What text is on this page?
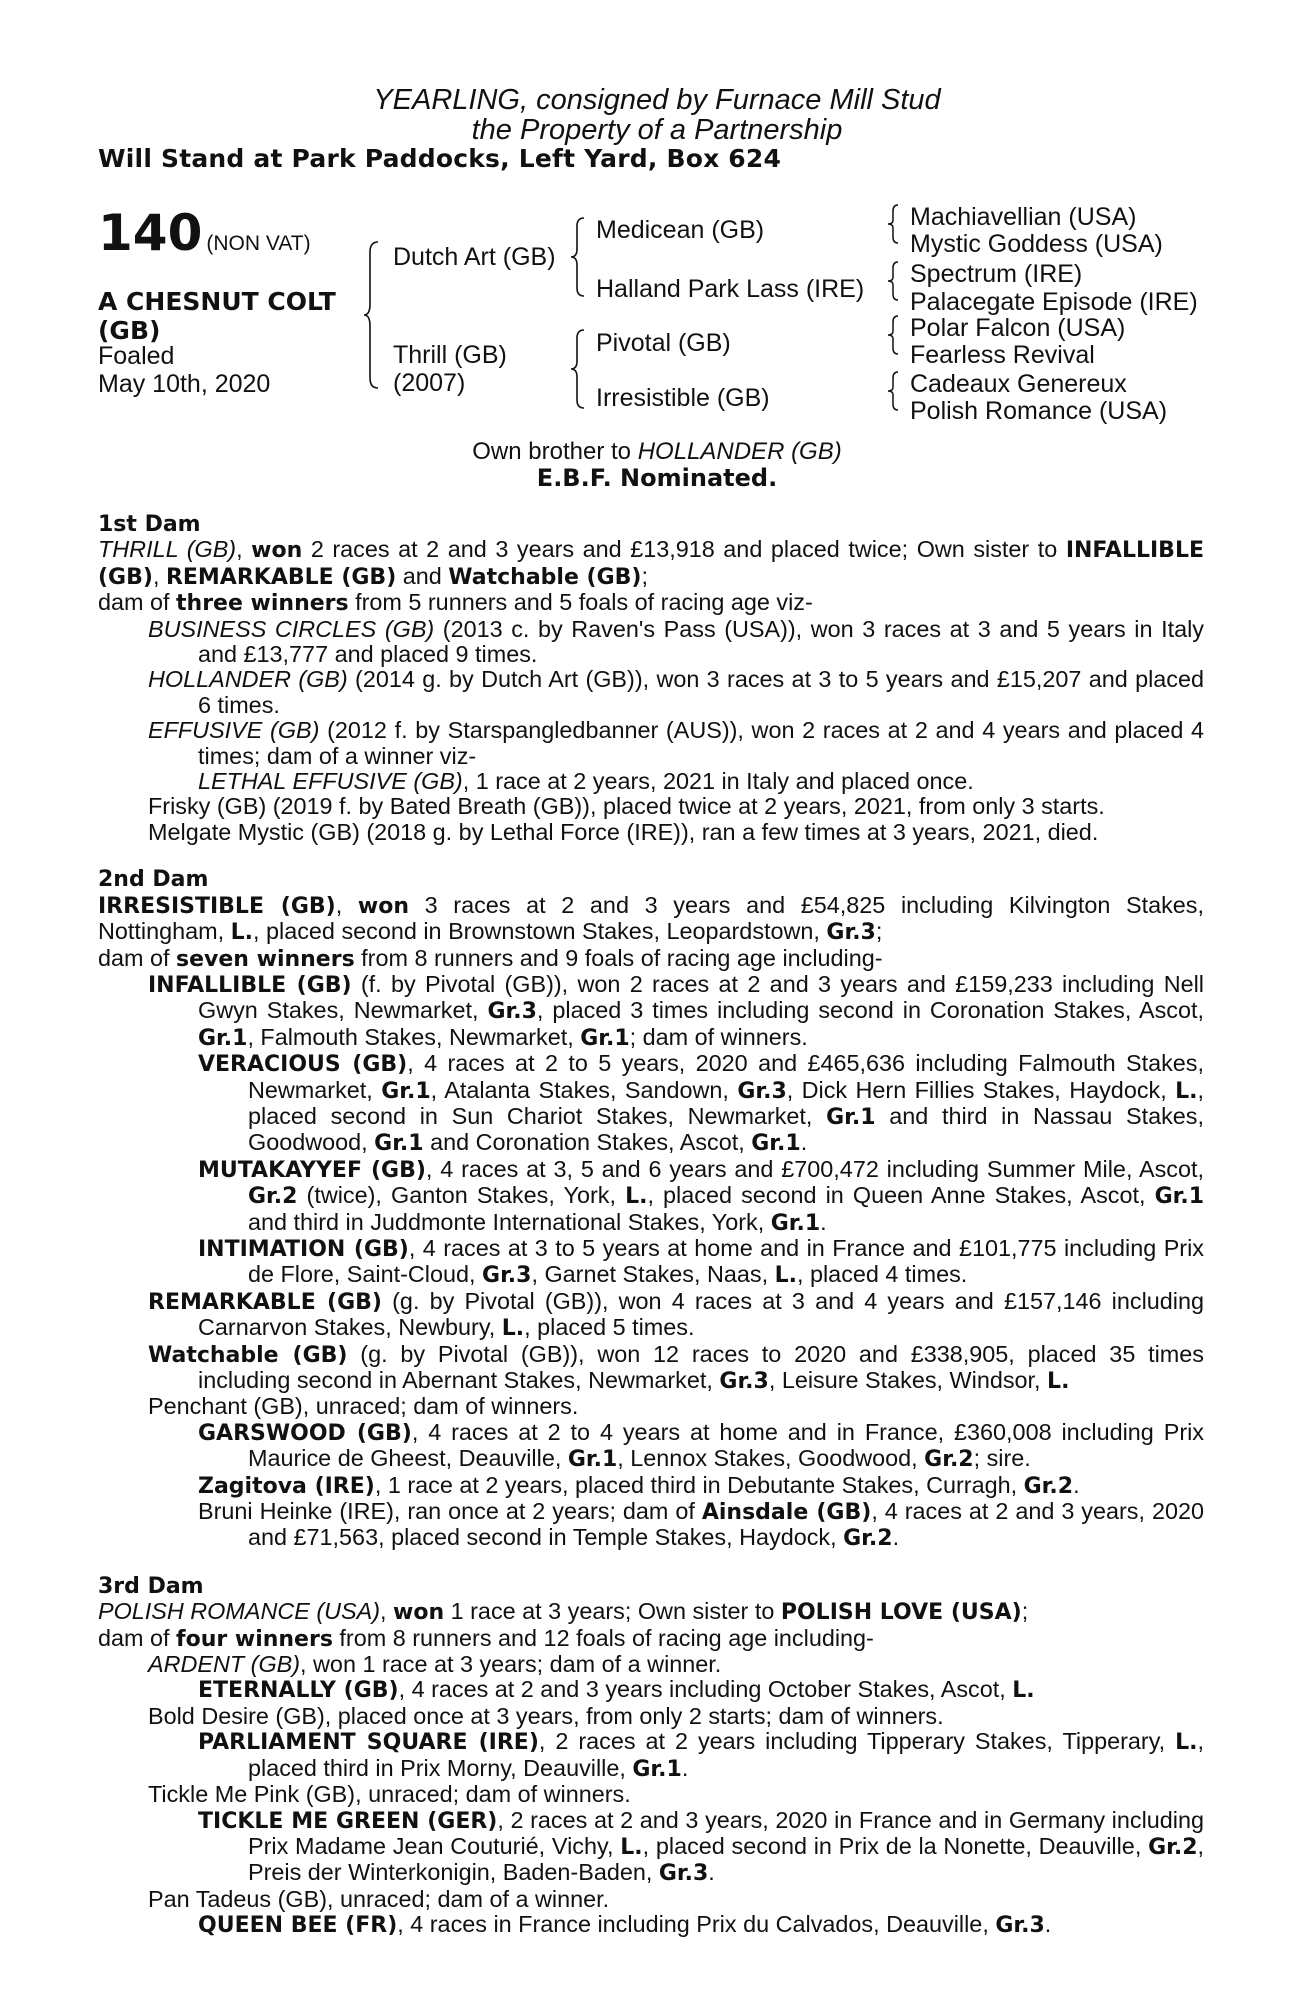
YEARLING, consigned by Furnace Mill Stud
the Property of a Partnership
Will Stand at Park Paddocks, Left Yard, Box 624
140 (NON VAT)
A CHESNUT COLT
(GB)
Foaled
May 10th, 2020
Dutch Art (GB)
Thrill (GB)
(2007)
Medicean (GB)
Halland Park Lass (IRE)
Pivotal (GB)
Irresistible (GB)
Machiavellian (USA)
Mystic Goddess (USA)
Spectrum (IRE)
Palacegate Episode (IRE)
Polar Falcon (USA)
Fearless Revival
Cadeaux Genereux
Polish Romance (USA)
Own brother to HOLLANDER (GB)
E.B.F. Nominated.
1st Dam
THRILL (GB), won 2 races at 2 and 3 years and £13,918 and placed twice; Own sister to INFALLIBLE (GB), REMARKABLE (GB) and Watchable (GB);
dam of three winners from 5 runners and 5 foals of racing age viz-
BUSINESS CIRCLES (GB) (2013 c. by Raven's Pass (USA)), won 3 races at 3 and 5 years in Italy and £13,777 and placed 9 times.
HOLLANDER (GB) (2014 g. by Dutch Art (GB)), won 3 races at 3 to 5 years and £15,207 and placed 6 times.
EFFUSIVE (GB) (2012 f. by Starspangledbanner (AUS)), won 2 races at 2 and 4 years and placed 4 times; dam of a winner viz-
LETHAL EFFUSIVE (GB), 1 race at 2 years, 2021 in Italy and placed once.
Frisky (GB) (2019 f. by Bated Breath (GB)), placed twice at 2 years, 2021, from only 3 starts.
Melgate Mystic (GB) (2018 g. by Lethal Force (IRE)), ran a few times at 3 years, 2021, died.
2nd Dam
IRRESISTIBLE (GB), won 3 races at 2 and 3 years and £54,825 including Kilvington Stakes, Nottingham, L., placed second in Brownstown Stakes, Leopardstown, Gr.3;
dam of seven winners from 8 runners and 9 foals of racing age including-
INFALLIBLE (GB) (f. by Pivotal (GB)), won 2 races at 2 and 3 years and £159,233 including Nell Gwyn Stakes, Newmarket, Gr.3, placed 3 times including second in Coronation Stakes, Ascot, Gr.1, Falmouth Stakes, Newmarket, Gr.1; dam of winners.
VERACIOUS (GB), 4 races at 2 to 5 years, 2020 and £465,636 including Falmouth Stakes, Newmarket, Gr.1, Atalanta Stakes, Sandown, Gr.3, Dick Hern Fillies Stakes, Haydock, L., placed second in Sun Chariot Stakes, Newmarket, Gr.1 and third in Nassau Stakes, Goodwood, Gr.1 and Coronation Stakes, Ascot, Gr.1.
MUTAKAYYEF (GB), 4 races at 3, 5 and 6 years and £700,472 including Summer Mile, Ascot, Gr.2 (twice), Ganton Stakes, York, L., placed second in Queen Anne Stakes, Ascot, Gr.1 and third in Juddmonte International Stakes, York, Gr.1.
INTIMATION (GB), 4 races at 3 to 5 years at home and in France and £101,775 including Prix de Flore, Saint-Cloud, Gr.3, Garnet Stakes, Naas, L., placed 4 times.
REMARKABLE (GB) (g. by Pivotal (GB)), won 4 races at 3 and 4 years and £157,146 including Carnarvon Stakes, Newbury, L., placed 5 times.
Watchable (GB) (g. by Pivotal (GB)), won 12 races to 2020 and £338,905, placed 35 times including second in Abernant Stakes, Newmarket, Gr.3, Leisure Stakes, Windsor, L.
Penchant (GB), unraced; dam of winners.
GARSWOOD (GB), 4 races at 2 to 4 years at home and in France, £360,008 including Prix Maurice de Gheest, Deauville, Gr.1, Lennox Stakes, Goodwood, Gr.2; sire.
Zagitova (IRE), 1 race at 2 years, placed third in Debutante Stakes, Curragh, Gr.2.
Bruni Heinke (IRE), ran once at 2 years; dam of Ainsdale (GB), 4 races at 2 and 3 years, 2020 and £71,563, placed second in Temple Stakes, Haydock, Gr.2.
3rd Dam
POLISH ROMANCE (USA), won 1 race at 3 years; Own sister to POLISH LOVE (USA);
dam of four winners from 8 runners and 12 foals of racing age including-
ARDENT (GB), won 1 race at 3 years; dam of a winner.
ETERNALLY (GB), 4 races at 2 and 3 years including October Stakes, Ascot, L.
Bold Desire (GB), placed once at 3 years, from only 2 starts; dam of winners.
PARLIAMENT SQUARE (IRE), 2 races at 2 years including Tipperary Stakes, Tipperary, L., placed third in Prix Morny, Deauville, Gr.1.
Tickle Me Pink (GB), unraced; dam of winners.
TICKLE ME GREEN (GER), 2 races at 2 and 3 years, 2020 in France and in Germany including Prix Madame Jean Couturié, Vichy, L., placed second in Prix de la Nonette, Deauville, Gr.2, Preis der Winterkonigin, Baden-Baden, Gr.3.
Pan Tadeus (GB), unraced; dam of a winner.
QUEEN BEE (FR), 4 races in France including Prix du Calvados, Deauville, Gr.3.
